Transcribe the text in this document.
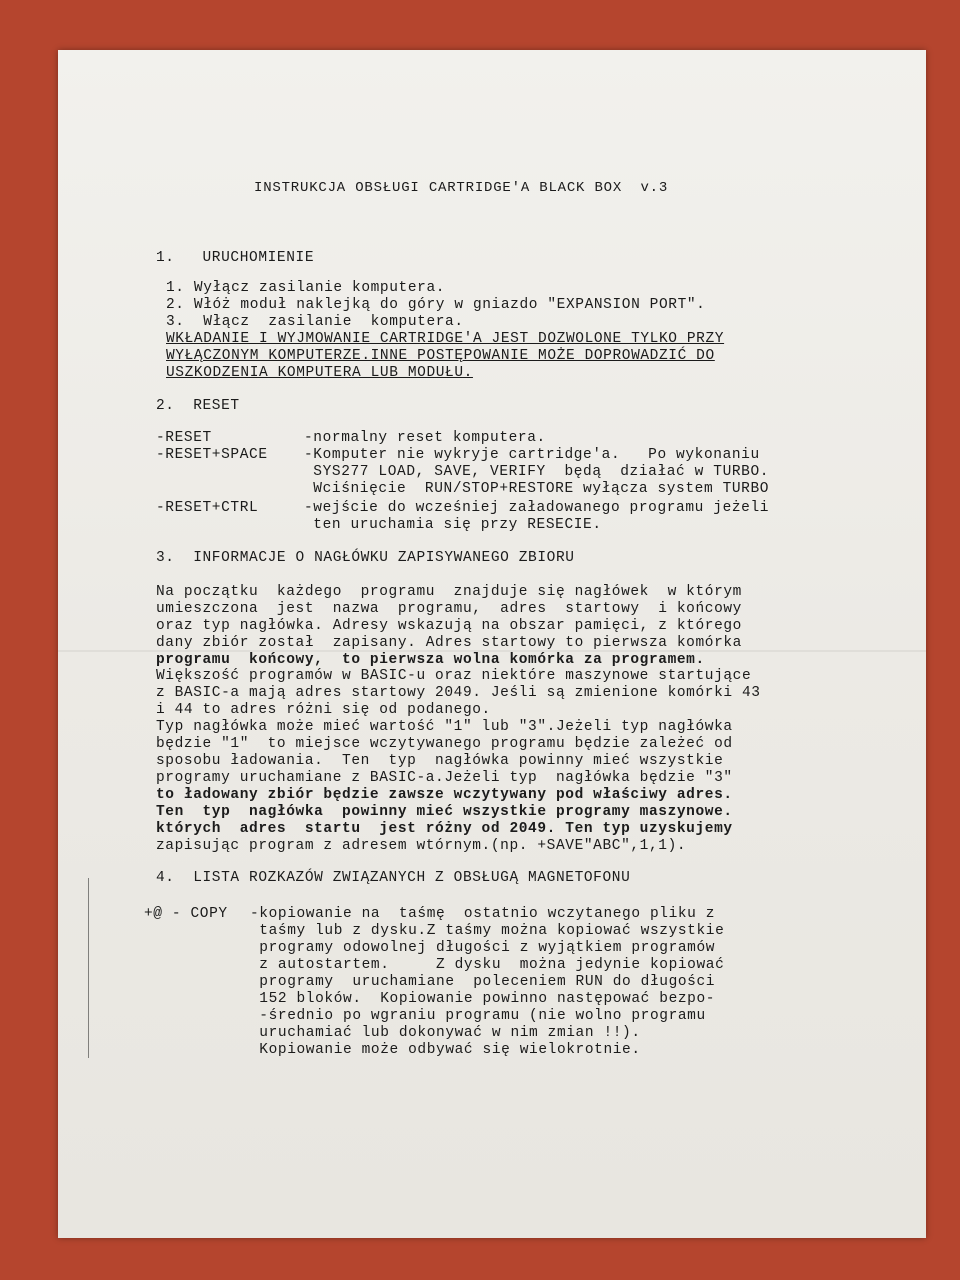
INSTRUKCJA OBSŁUGI CARTRIDGE'A BLACK BOX  v.3
1.   URUCHOMIENIE
1. Wyłącz zasilanie komputera.
2. Włóż moduł naklejką do góry w gniazdo "EXPANSION PORT".
3.  Włącz  zasilanie  komputera.
WKŁADANIE I WYJMOWANIE CARTRIDGE'A JEST DOZWOLONE TYLKO PRZY
WYŁĄCZONYM KOMPUTERZE.INNE POSTĘPOWANIE MOŻE DOPROWADZIĆ DO
USZKODZENIA KOMPUTERA LUB MODUŁU.
2.  RESET
-RESET	-normalny reset komputera.
-RESET+SPACE	-Komputer nie wykryje cartridge'a.   Po wykonaniu
SYS277 LOAD, SAVE, VERIFY  będą  działać w TURBO.
Wciśnięcie  RUN/STOP+RESTORE wyłącza system TURBO
-RESET+CTRL	-wejście do wcześniej załadowanego programu jeżeli
ten uruchamia się przy RESECIE.
3.  INFORMACJE O NAGŁÓWKU ZAPISYWANEGO ZBIORU
Na początku  każdego  programu  znajduje się nagłówek  w którym
umieszczona  jest  nazwa  programu,  adres  startowy  i końcowy
oraz typ nagłówka. Adresy wskazują na obszar pamięci, z którego
dany zbiór został  zapisany. Adres startowy to pierwsza komórka
programu  końcowy,  to pierwsza wolna komórka za programem.
Większość programów w BASIC-u oraz niektóre maszynowe startujące
z BASIC-a mają adres startowy 2049. Jeśli są zmienione komórki 43
i 44 to adres różni się od podanego.
Typ nagłówka może mieć wartość "1" lub "3".Jeżeli typ nagłówka
będzie "1"  to miejsce wczytywanego programu będzie zależeć od
sposobu ładowania.  Ten  typ  nagłówka powinny mieć wszystkie
programy uruchamiane z BASIC-a.Jeżeli typ  nagłówka będzie "3"
to ładowany zbiór będzie zawsze wczytywany pod właściwy adres.
Ten  typ  nagłówka  powinny mieć wszystkie programy maszynowe.
których  adres  startu  jest różny od 2049. Ten typ uzyskujemy
zapisując program z adresem wtórnym.(np. +SAVE"ABC",1,1).
4.  LISTA ROZKAZÓW ZWIĄZANYCH Z OBSŁUGĄ MAGNETOFONU
+@ - COPY -kopiowanie na  taśmę  ostatnio wczytanego pliku z
taśmy lub z dysku.Z taśmy można kopiować wszystkie
programy odowolnej długości z wyjątkiem programów
z autostartem.     Z dysku  można jedynie kopiować
programy  uruchamiane  poleceniem RUN do długości
152 bloków.  Kopiowanie powinno następować bezpo-
-średnio po wgraniu programu (nie wolno programu
uruchamiać lub dokonywać w nim zmian !!).
Kopiowanie może odbywać się wielokrotnie.
